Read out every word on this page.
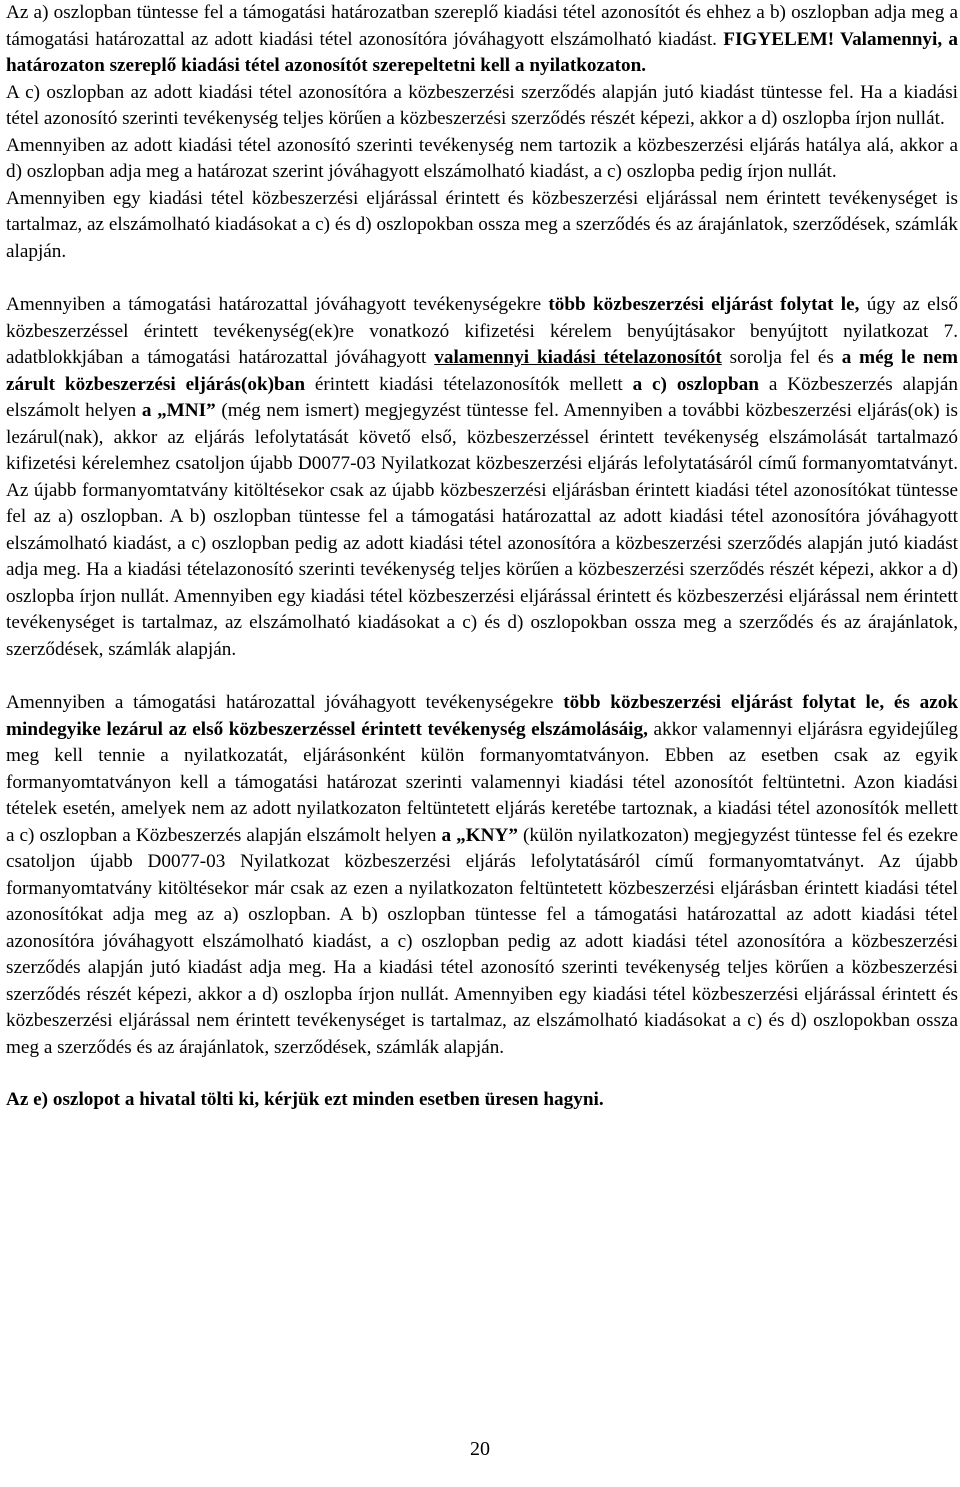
Az a) oszlopban tüntesse fel a támogatási határozatban szereplő kiadási tétel azonosítót és ehhez a b) oszlopban adja meg a támogatási határozattal az adott kiadási tétel azonosítóra jóváhagyott elszámolható kiadást. FIGYELEM! Valamennyi, a határozaton szereplő kiadási tétel azonosítót szerepeltetni kell a nyilatkozaton.

A c) oszlopban az adott kiadási tétel azonosítóra a közbeszerzési szerződés alapján jutó kiadást tüntesse fel. Ha a kiadási tétel azonosító szerinti tevékenység teljes körűen a közbeszerzési szerződés részét képezi, akkor a d) oszlopba írjon nullát.

Amennyiben az adott kiadási tétel azonosító szerinti tevékenység nem tartozik a közbeszerzési eljárás hatálya alá, akkor a d) oszlopban adja meg a határozat szerint jóváhagyott elszámolható kiadást, a c) oszlopba pedig írjon nullát.

Amennyiben egy kiadási tétel közbeszerzési eljárással érintett és közbeszerzési eljárással nem érintett tevékenységet is tartalmaz, az elszámolható kiadásokat a c) és d) oszlopokban ossza meg a szerződés és az árajánlatok, szerződések, számlák alapján.

Amennyiben a támogatási határozattal jóváhagyott tevékenységekre több közbeszerzési eljárást folytat le, úgy az első közbeszerzéssel érintett tevékenység(ek)re vonatkozó kifizetési kérelem benyújtásakor benyújtott nyilatkozat 7. adatblokkjában a támogatási határozattal jóváhagyott valamennyi kiadási tételazonosítót sorolja fel és a még le nem zárult közbeszerzési eljárás(ok)ban érintett kiadási tételazonosítók mellett a c) oszlopban a Közbeszerzés alapján elszámolt helyen a „MNI” (még nem ismert) megjegyzést tüntesse fel. Amennyiben a további közbeszerzési eljárás(ok) is lezárul(nak), akkor az eljárás lefolytatását követő első, közbeszerzéssel érintett tevékenység elszámolását tartalmazó kifizetési kérelemhez csatoljon újabb D0077-03 Nyilatkozat közbeszerzési eljárás lefolytatásáról című formanyomtatványt. Az újabb formanyomtatvány kitöltésekor csak az újabb közbeszerzési eljárásban érintett kiadási tétel azonosítókat tüntesse fel az a) oszlopban. A b) oszlopban tüntesse fel a támogatási határozattal az adott kiadási tétel azonosítóra jóváhagyott elszámolható kiadást, a c) oszlopban pedig az adott kiadási tétel azonosítóra a közbeszerzési szerződés alapján jutó kiadást adja meg. Ha a kiadási tételazonosító szerinti tevékenység teljes körűen a közbeszerzési szerződés részét képezi, akkor a d) oszlopba írjon nullát. Amennyiben egy kiadási tétel közbeszerzési eljárással érintett és közbeszerzési eljárással nem érintett tevékenységet is tartalmaz, az elszámolható kiadásokat a c) és d) oszlopokban ossza meg a szerződés és az árajánlatok, szerződések, számlák alapján.

Amennyiben a támogatási határozattal jóváhagyott tevékenységekre több közbeszerzési eljárást folytat le, és azok mindegyike lezárul az első közbeszerzéssel érintett tevékenység elszámolásáig, akkor valamennyi eljárásra egyidejűleg meg kell tennie a nyilatkozatát, eljárásonként külön formanyomtatványon. Ebben az esetben csak az egyik formanyomtatványon kell a támogatási határozat szerinti valamennyi kiadási tétel azonosítót feltüntetni. Azon kiadási tételek esetén, amelyek nem az adott nyilatkozaton feltüntetett eljárás keretébe tartoznak, a kiadási tétel azonosítók mellett a c) oszlopban a Közbeszerzés alapján elszámolt helyen a „KNY” (külön nyilatkozaton) megjegyzést tüntesse fel és ezekre csatoljon újabb D0077-03 Nyilatkozat közbeszerzési eljárás lefolytatásáról című formanyomtatványt. Az újabb formanyomtatvány kitöltésekor már csak az ezen a nyilatkozaton feltüntetett közbeszerzési eljárásban érintett kiadási tétel azonosítókat adja meg az a) oszlopban. A b) oszlopban tüntesse fel a támogatási határozattal az adott kiadási tétel azonosítóra jóváhagyott elszámolható kiadást, a c) oszlopban pedig az adott kiadási tétel azonosítóra a közbeszerzési szerződés alapján jutó kiadást adja meg. Ha a kiadási tétel azonosító szerinti tevékenység teljes körűen a közbeszerzési szerződés részét képezi, akkor a d) oszlopba írjon nullát. Amennyiben egy kiadási tétel közbeszerzési eljárással érintett és közbeszerzési eljárással nem érintett tevékenységet is tartalmaz, az elszámolható kiadásokat a c) és d) oszlopokban ossza meg a szerződés és az árajánlatok, szerződések, számlák alapján.

Az e) oszlopot a hivatal tölti ki, kérjük ezt minden esetben üresen hagyni.

20
